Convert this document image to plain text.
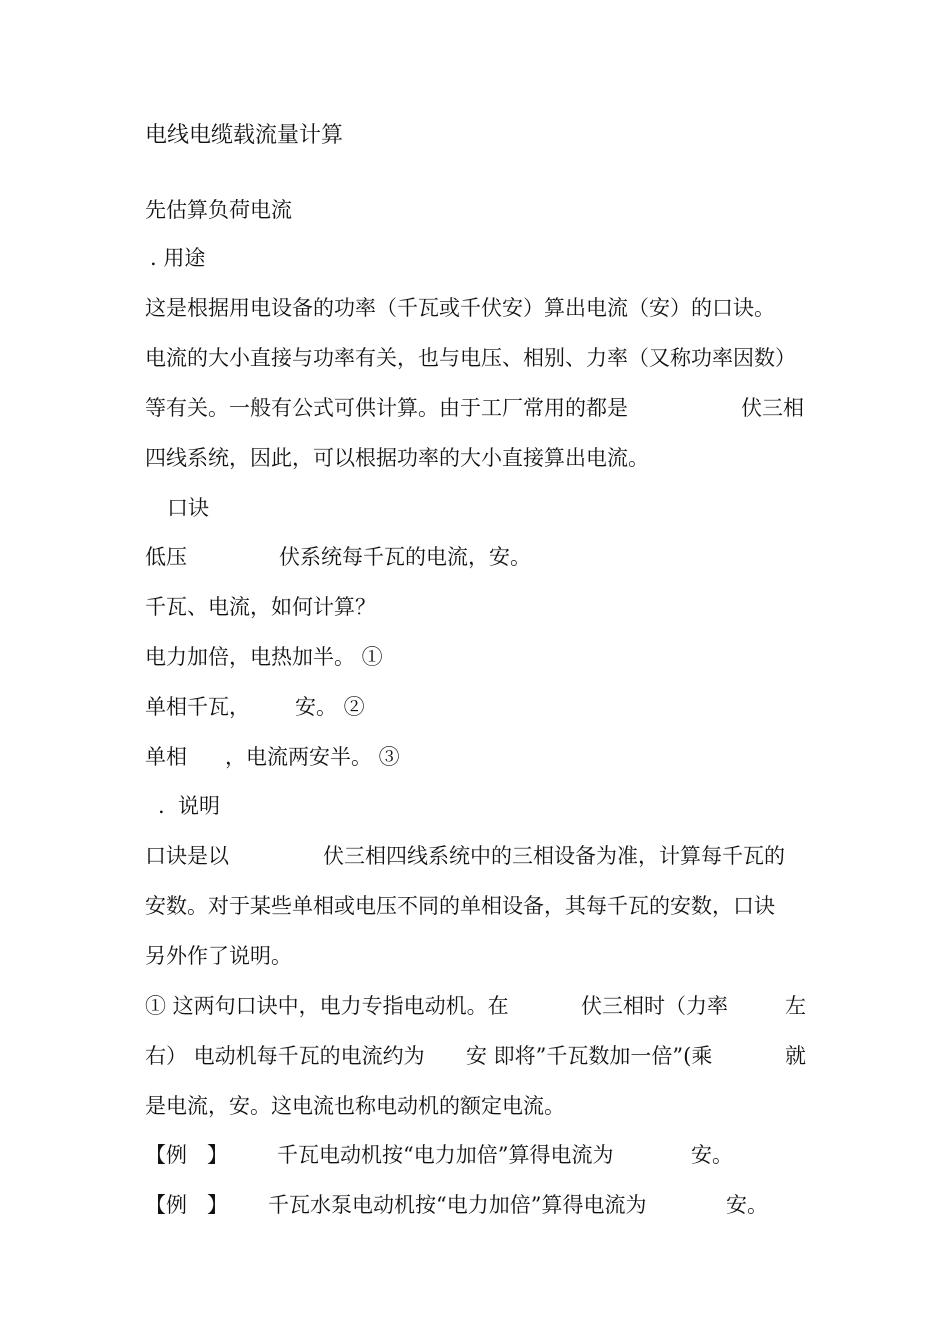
电线电缆载流量计算
先估算负荷电流
. 用途
这是根据用电设备的功率（千瓦或千伏安）算出电流（安）的口诀。
电流的大小直接与功率有关，也与电压、相别、力率（又称功率因数）
等有关。一般有公式可供计算。由于工厂常用的都是	伏三相
四线系统，因此，可以根据功率的大小直接算出电流。
口诀
低压	伏系统每千瓦的电流，安。
千瓦、电流，如何计算？
电力加倍，电热加半。 ①
单相千瓦， 安。 ②
单相 ，电流两安半。 ③
.  说明
口诀是以	伏三相四线系统中的三相设备为准，计算每千瓦的
安数。对于某些单相或电压不同的单相设备，其每千瓦的安数，口诀
另外作了说明。
① 这两句口诀中，电力专指电动机。在	伏三相时（力率	左
右） 电动机每千瓦的电流约为 安 即将”千瓦数加一倍”(乘	就
是电流，安。这电流也称电动机的额定电流。
【例   】 千瓦电动机按“电力加倍”算得电流为	安。
【例   】 千瓦水泵电动机按“电力加倍”算得电流为	安。
